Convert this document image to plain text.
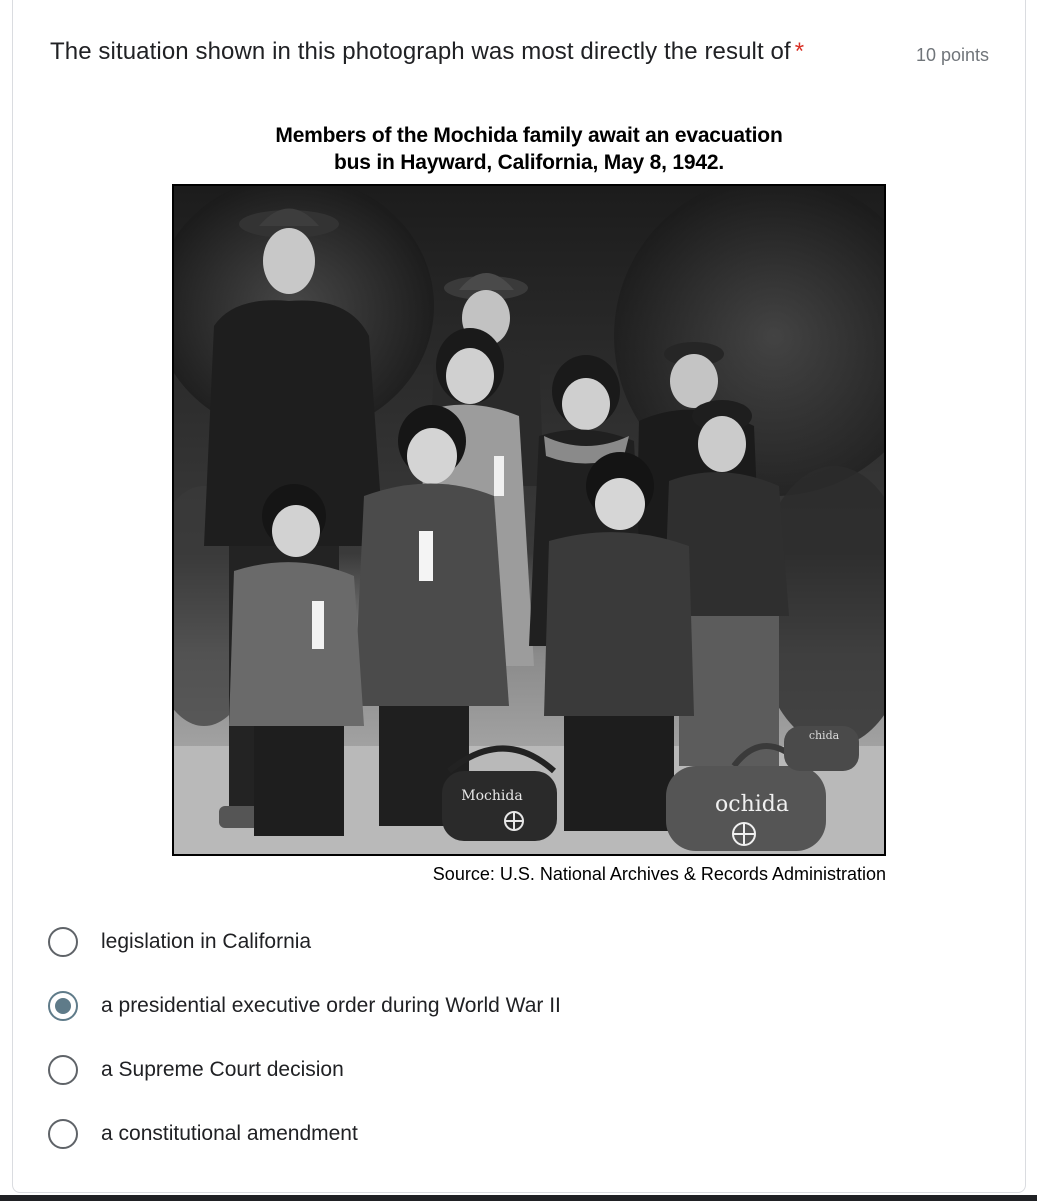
The situation shown in this photograph was most directly the result of *	10 points
Members of the Mochida family await an evacuation
bus in Hayward, California, May 8, 1942.
Mochida	ochida
chida
Source: U.S. National Archives & Records Administration
legislation in California
a presidential executive order during World War II
a Supreme Court decision
a constitutional amendment
